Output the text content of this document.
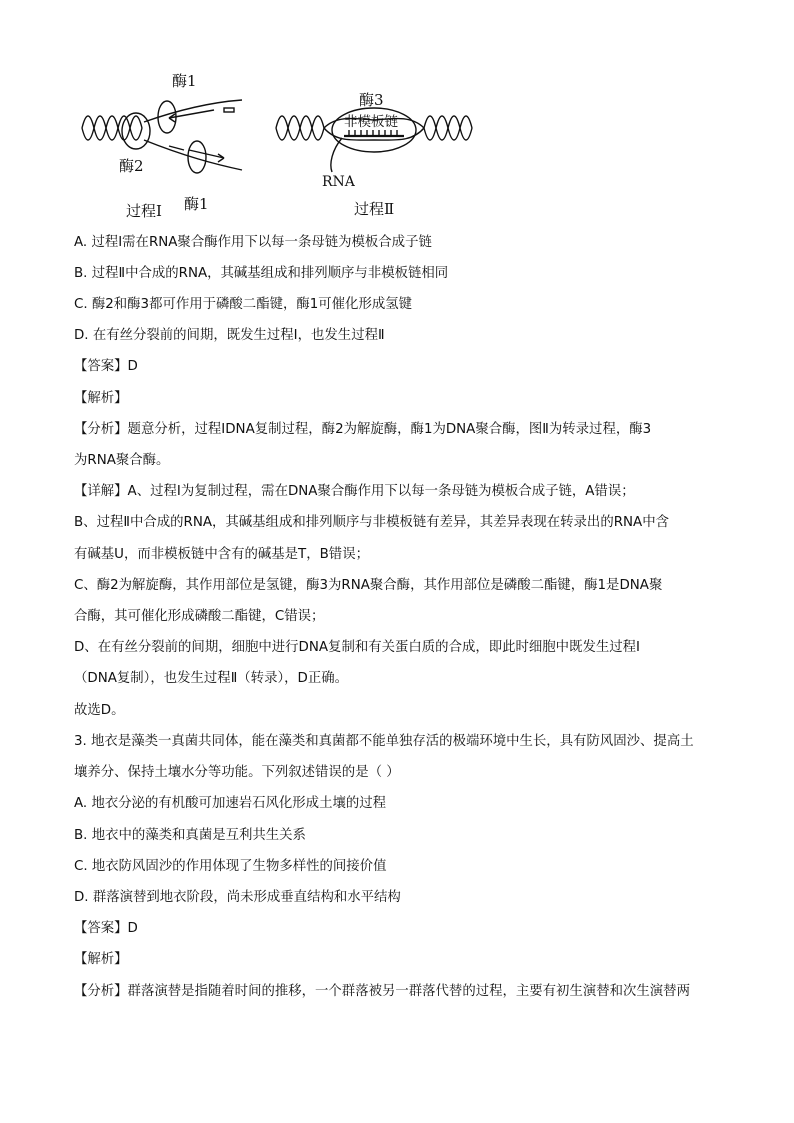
酶1
酶2
酶1
过程Ⅰ
酶3
非模板链
RNA
过程Ⅱ
A. 过程Ⅰ需在RNA聚合酶作用下以每一条母链为模板合成子链
B. 过程Ⅱ中合成的RNA，其碱基组成和排列顺序与非模板链相同
C. 酶2和酶3都可作用于磷酸二酯键，酶1可催化形成氢键
D. 在有丝分裂前的间期，既发生过程Ⅰ，也发生过程Ⅱ
【答案】D
【解析】
【分析】题意分析，过程ⅠDNA复制过程，酶2为解旋酶，酶1为DNA聚合酶，图Ⅱ为转录过程，酶3
为RNA聚合酶。
【详解】A、过程Ⅰ为复制过程，需在DNA聚合酶作用下以每一条母链为模板合成子链，A错误；
B、过程Ⅱ中合成的RNA，其碱基组成和排列顺序与非模板链有差异，其差异表现在转录出的RNA中含
有碱基U，而非模板链中含有的碱基是T，B错误；
C、酶2为解旋酶，其作用部位是氢键，酶3为RNA聚合酶，其作用部位是磷酸二酯键，酶1是DNA聚
合酶，其可催化形成磷酸二酯键，C错误；
D、在有丝分裂前的间期，细胞中进行DNA复制和有关蛋白质的合成，即此时细胞中既发生过程Ⅰ
（DNA复制），也发生过程Ⅱ（转录），D正确。
故选D。
3. 地衣是藻类一真菌共同体，能在藻类和真菌都不能单独存活的极端环境中生长，具有防风固沙、提高土
壤养分、保持土壤水分等功能。下列叙述错误的是（ ）
A. 地衣分泌的有机酸可加速岩石风化形成土壤的过程
B. 地衣中的藻类和真菌是互利共生关系
C. 地衣防风固沙的作用体现了生物多样性的间接价值
D. 群落演替到地衣阶段，尚未形成垂直结构和水平结构
【答案】D
【解析】
【分析】群落演替是指随着时间的推移，一个群落被另一群落代替的过程，主要有初生演替和次生演替两
